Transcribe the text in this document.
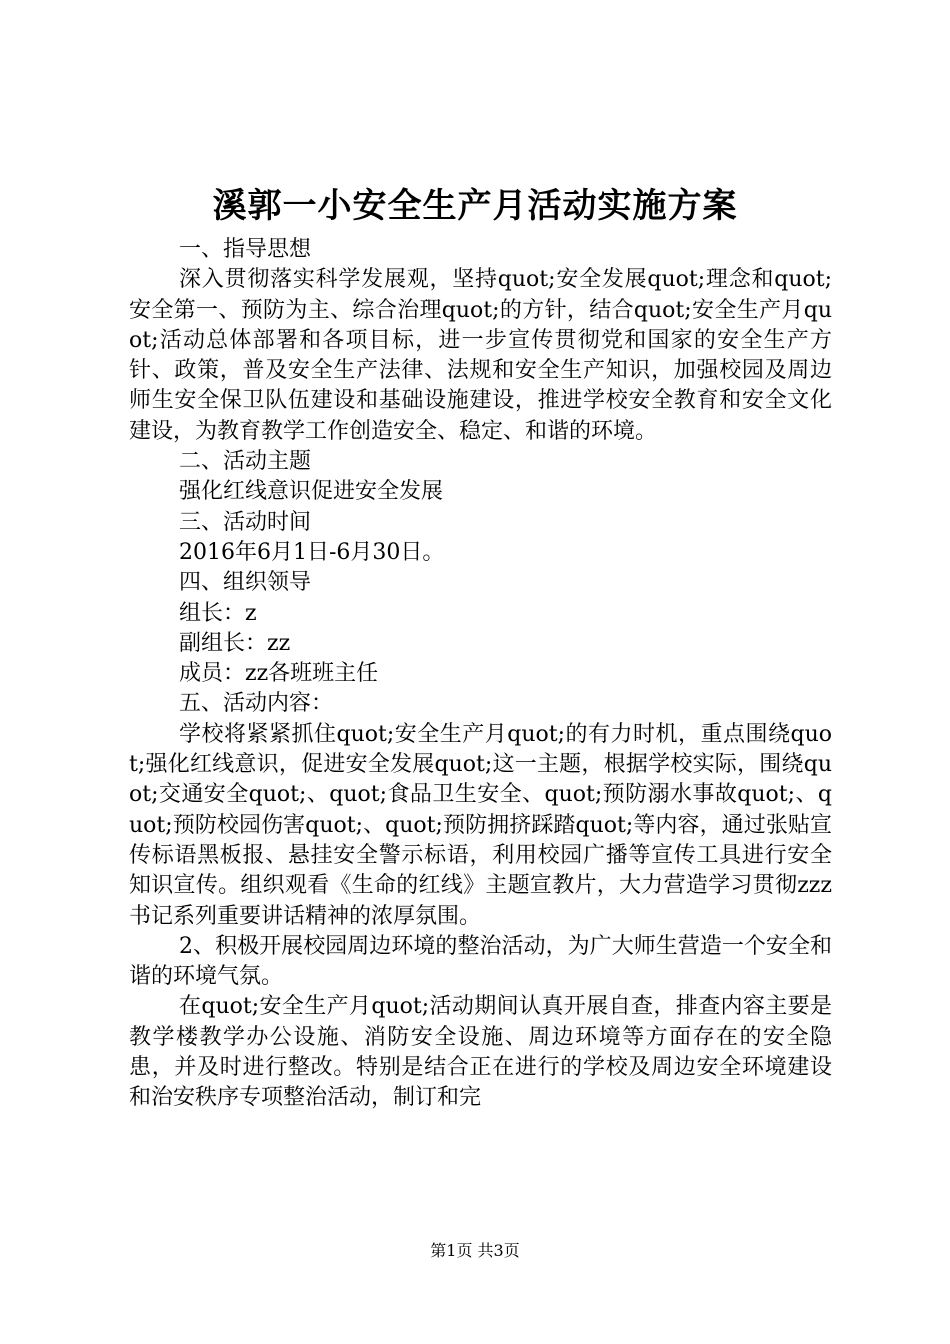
溪郭一小安全生产月活动实施方案

一、指导思想

深入贯彻落实科学发展观，坚持quot;安全发展quot;理念和quot;安全第一、预防为主、综合治理quot;的方针，结合quot;安全生产月quot;活动总体部署和各项目标，进一步宣传贯彻党和国家的安全生产方针、政策，普及安全生产法律、法规和安全生产知识，加强校园及周边师生安全保卫队伍建设和基础设施建设，推进学校安全教育和安全文化建设，为教育教学工作创造安全、稳定、和谐的环境。

二、活动主题

强化红线意识促进安全发展

三、活动时间

2016年6月1日-6月30日。

四、组织领导

组长：z

副组长：zz

成员：zz各班班主任

五、活动内容：

学校将紧紧抓住quot;安全生产月quot;的有力时机，重点围绕quot;强化红线意识，促进安全发展quot;这一主题，根据学校实际，围绕quot;交通安全quot;、quot;食品卫生安全、quot;预防溺水事故quot;、quot;预防校园伤害quot;、quot;预防拥挤踩踏quot;等内容，通过张贴宣传标语黑板报、悬挂安全警示标语，利用校园广播等宣传工具进行安全知识宣传。组织观看《生命的红线》主题宣教片，大力营造学习贯彻zzz书记系列重要讲话精神的浓厚氛围。

2、积极开展校园周边环境的整治活动，为广大师生营造一个安全和谐的环境气氛。

在quot;安全生产月quot;活动期间认真开展自查，排查内容主要是教学楼教学办公设施、消防安全设施、周边环境等方面存在的安全隐患，并及时进行整改。特别是结合正在进行的学校及周边安全环境建设和治安秩序专项整治活动，制订和完

第1页 共3页
